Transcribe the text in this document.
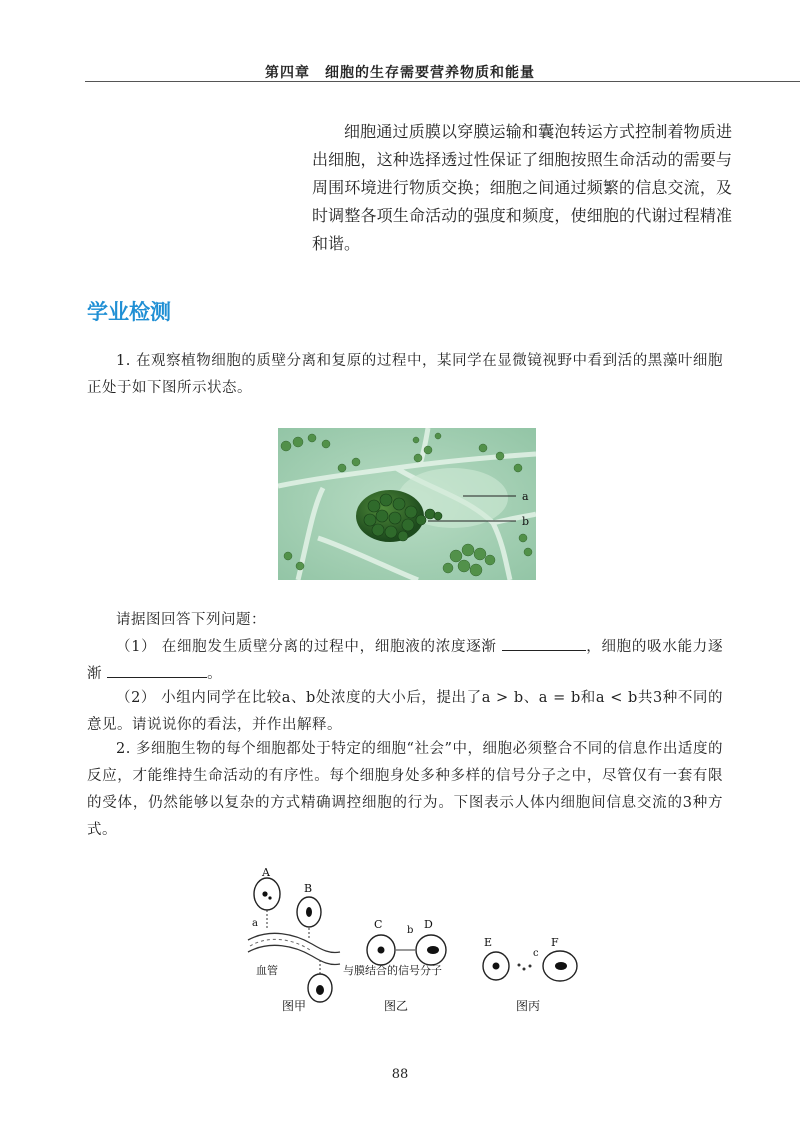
第四章　细胞的生存需要营养物质和能量

细胞通过质膜以穿膜运输和囊泡转运方式控制着物质进出细胞，这种选择透过性保证了细胞按照生命活动的需要与周围环境进行物质交换；细胞之间通过频繁的信息交流，及时调整各项生命活动的强度和频度，使细胞的代谢过程精准和谐。

学业检测
1. 在观察植物细胞的质壁分离和复原的过程中，某同学在显微镜视野中看到活的黑藻叶细胞正处于如下图所示状态。
a
b
请据图回答下列问题：
（1） 在细胞发生质壁分离的过程中，细胞液的浓度逐渐	，细胞的吸水能力逐渐	。
（2） 小组内同学在比较a、b处浓度的大小后，提出了a > b、a = b和a < b共3种不同的意见。请说说你的看法，并作出解释。
2. 多细胞生物的每个细胞都处于特定的细胞“社会”中，细胞必须整合不同的信息作出适度的反应，才能维持生命活动的有序性。每个细胞身处多种多样的信号分子之中，尽管仅有一套有限的受体，仍然能够以复杂的方式精确调控细胞的行为。下图表示人体内细胞间信息交流的3种方式。
A
B
a
血管
C b D
与膜结合的信号分子
E
c
F
图甲	图乙	图丙
88
